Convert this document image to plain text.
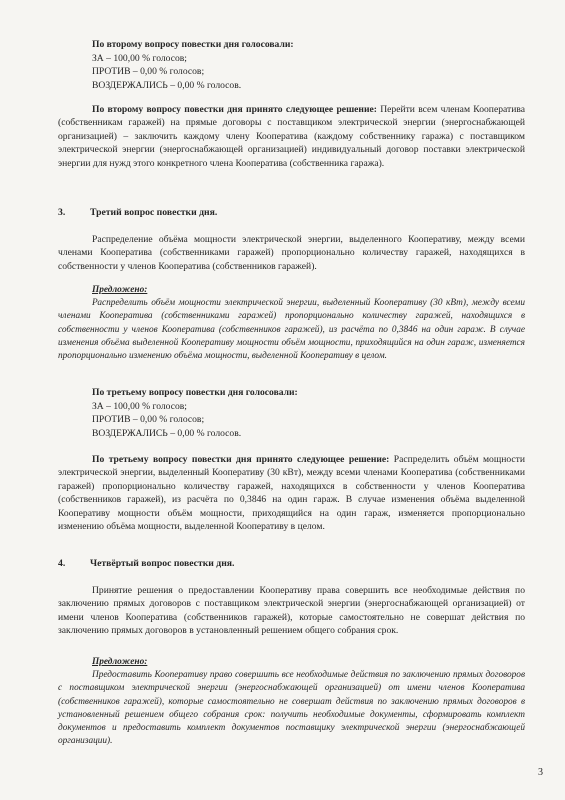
По второму вопросу повестки дня голосовали:

ЗА – 100,00 % голосов;

ПРОТИВ – 0,00 % голосов;

ВОЗДЕРЖАЛИСЬ – 0,00 % голосов.

По второму вопросу повестки дня принято следующее решение: Перейти всем членам Кооператива (собственникам гаражей) на прямые договоры с поставщиком электрической энергии (энергоснабжающей организацией) – заключить каждому члену Кооператива (каждому собственнику гаража) с поставщиком электрической энергии (энергоснабжающей организацией) индивидуальный договор поставки электрической энергии для нужд этого конкретного члена Кооператива (собственника гаража).

3.	Третий вопрос повестки дня.

Распределение объёма мощности электрической энергии, выделенного Кооперативу, между всеми членами Кооператива (собственниками гаражей) пропорционально количеству гаражей, находящихся в собственности у членов Кооператива (собственников гаражей).

Предложено:

Распределить объём мощности электрической энергии, выделенный Кооперативу (30 кВт), между всеми членами Кооператива (собственниками гаражей) пропорционально количеству гаражей, находящихся в собственности у членов Кооператива (собственников гаражей), из расчёта по 0,3846 на один гараж. В случае изменения объёма выделенной Кооперативу мощности объём мощности, приходящийся на один гараж, изменяется пропорционально изменению объёма мощности, выделенной Кооперативу в целом.

По третьему вопросу повестки дня голосовали:

ЗА – 100,00 % голосов;

ПРОТИВ – 0,00 % голосов;

ВОЗДЕРЖАЛИСЬ – 0,00 % голосов.

По третьему вопросу повестки дня принято следующее решение: Распределить объём мощности электрической энергии, выделенный Кооперативу (30 кВт), между всеми членами Кооператива (собственниками гаражей) пропорционально количеству гаражей, находящихся в собственности у членов Кооператива (собственников гаражей), из расчёта по 0,3846 на один гараж. В случае изменения объёма выделенной Кооперативу мощности объём мощности, приходящийся на один гараж, изменяется пропорционально изменению объёма мощности, выделенной Кооперативу в целом.

4.	Четвёртый вопрос повестки дня.

Принятие решения о предоставлении Кооперативу права совершить все необходимые действия по заключению прямых договоров с поставщиком электрической энергии (энергоснабжающей организацией) от имени членов Кооператива (собственников гаражей), которые самостоятельно не совершат действия по заключению прямых договоров в установленный решением общего собрания срок.

Предложено:

Предоставить Кооперативу право совершить все необходимые действия по заключению прямых договоров с поставщиком электрической энергии (энергоснабжающей организацией) от имени членов Кооператива (собственников гаражей), которые самостоятельно не совершат действия по заключению прямых договоров в установленный решением общего собрания срок: получить необходимые документы, сформировать комплект документов и предоставить комплект документов поставщику электрической энергии (энергоснабжающей организации).

3
